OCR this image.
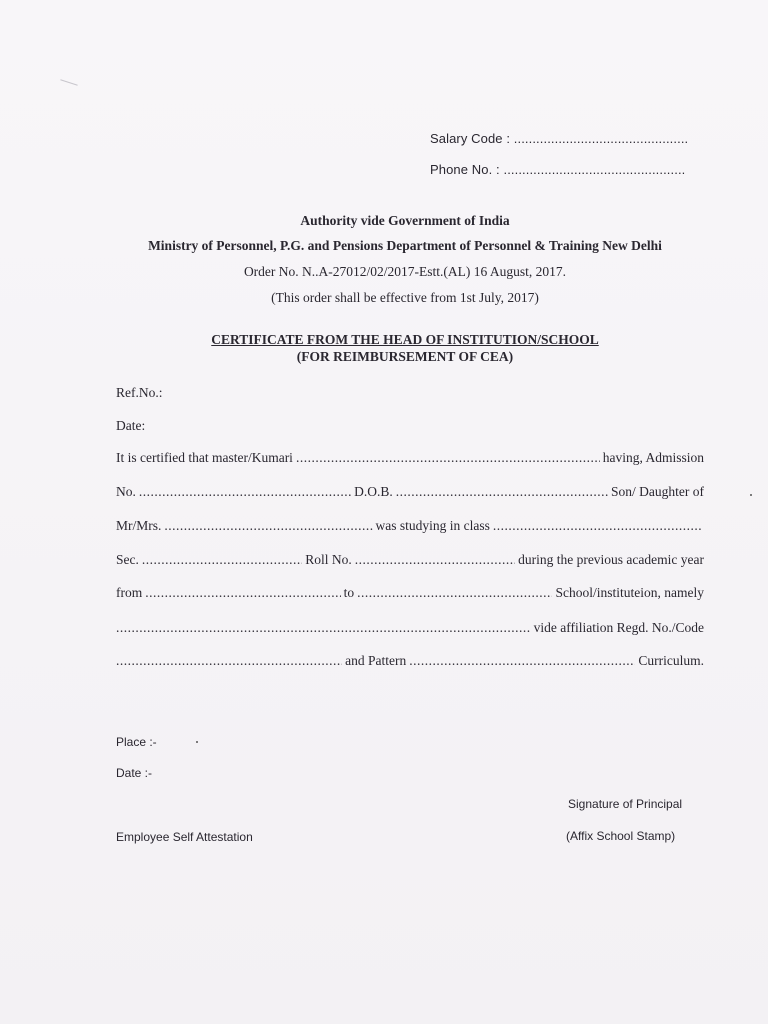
Salary Code : ...............................................
Phone No. : .................................................
Authority vide Government of India
Ministry of Personnel, P.G. and Pensions Department of Personnel & Training New Delhi
Order No. N..A-27012/02/2017-Estt.(AL) 16 August, 2017.
(This order shall be effective from 1st July, 2017)
CERTIFICATE FROM THE HEAD OF INSTITUTION/SCHOOL
(FOR REIMBURSEMENT OF CEA)
Ref.No.:
Date:
It is certified that master/Kumari .....	having, Admission
No. .....	D.O.B. .....	Son/ Daughter of
Mr/Mrs. .....	was studying in class
.....
Sec. .....	Roll No. .....	during the previous academic year
from .....	to .....	School/instituteion, namely
.....
vide affiliation Regd. No./Code
.....
and Pattern .....	Curriculum.
Place :-
Date :-
Signature of Principal
Employee Self Attestation	(Affix School Stamp)
